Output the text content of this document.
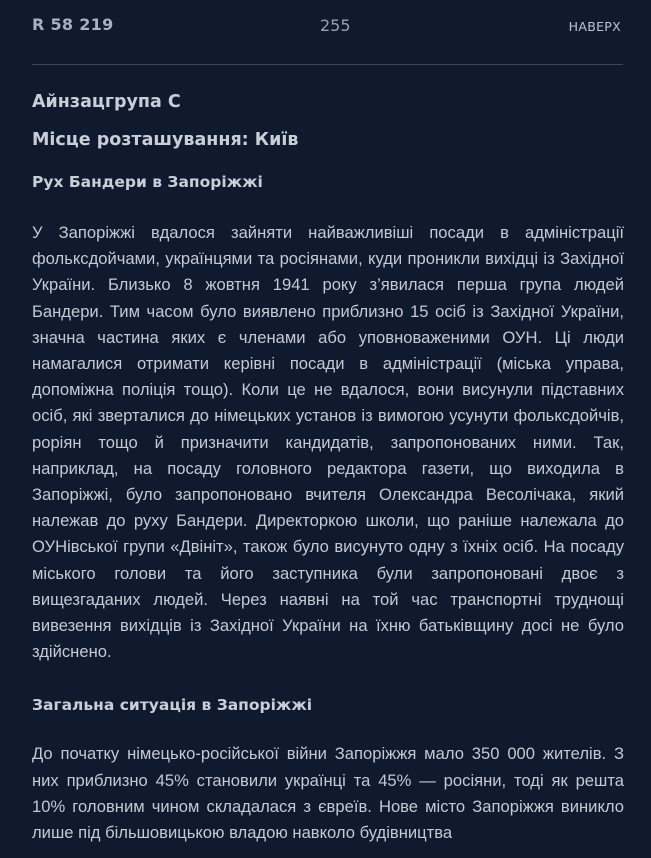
R 58 219	255	НАВЕРХ
Айнзацгрупа С
Місце розташування: Київ
Рух Бандери в Запоріжжі

У Запоріжжі вдалося зайняти найважливіші посади в адміністрації фольксдойчами, українцями та росіянами, куди проникли вихідці із Західної України. Близько 8 жовтня 1941 року з’явилася перша група людей Бандери. Тим часом було виявлено приблизно 15 осіб із Західної України, значна частина яких є членами або уповноваженими ОУН. Ці люди намагалися отримати керівні посади в адміністрації (міська управа, допоміжна поліція тощо). Коли це не вдалося, вони висунули підставних осіб, які зверталися до німецьких установ із вимогою усунути фольксдойчів, роріян тощо й призначити кандидатів, запропонованих ними. Так, наприклад, на посаду головного редактора газети, що виходила в Запоріжжі, було запропоновано вчителя Олександра Весолічака, який належав до руху Бандери. Директоркою школи, що раніше належала до ОУНівської групи «Двініт», також було висунуто одну з їхніх осіб. На посаду міського голови та його заступника були запропоновані двоє з вищезгаданих людей. Через наявні на той час транспортні труднощі вивезення вихідців із Західної України на їхню батьківщину досі не було здійснено.

Загальна ситуація в Запоріжжі

До початку німецько-російської війни Запоріжжя мало 350 000 жителів. З них приблизно 45% становили українці та 45% — росіяни, тоді як решта 10% головним чином складалася з євреїв. Нове місто Запоріжжя виникло лише під більшовицькою владою навколо будівництва
